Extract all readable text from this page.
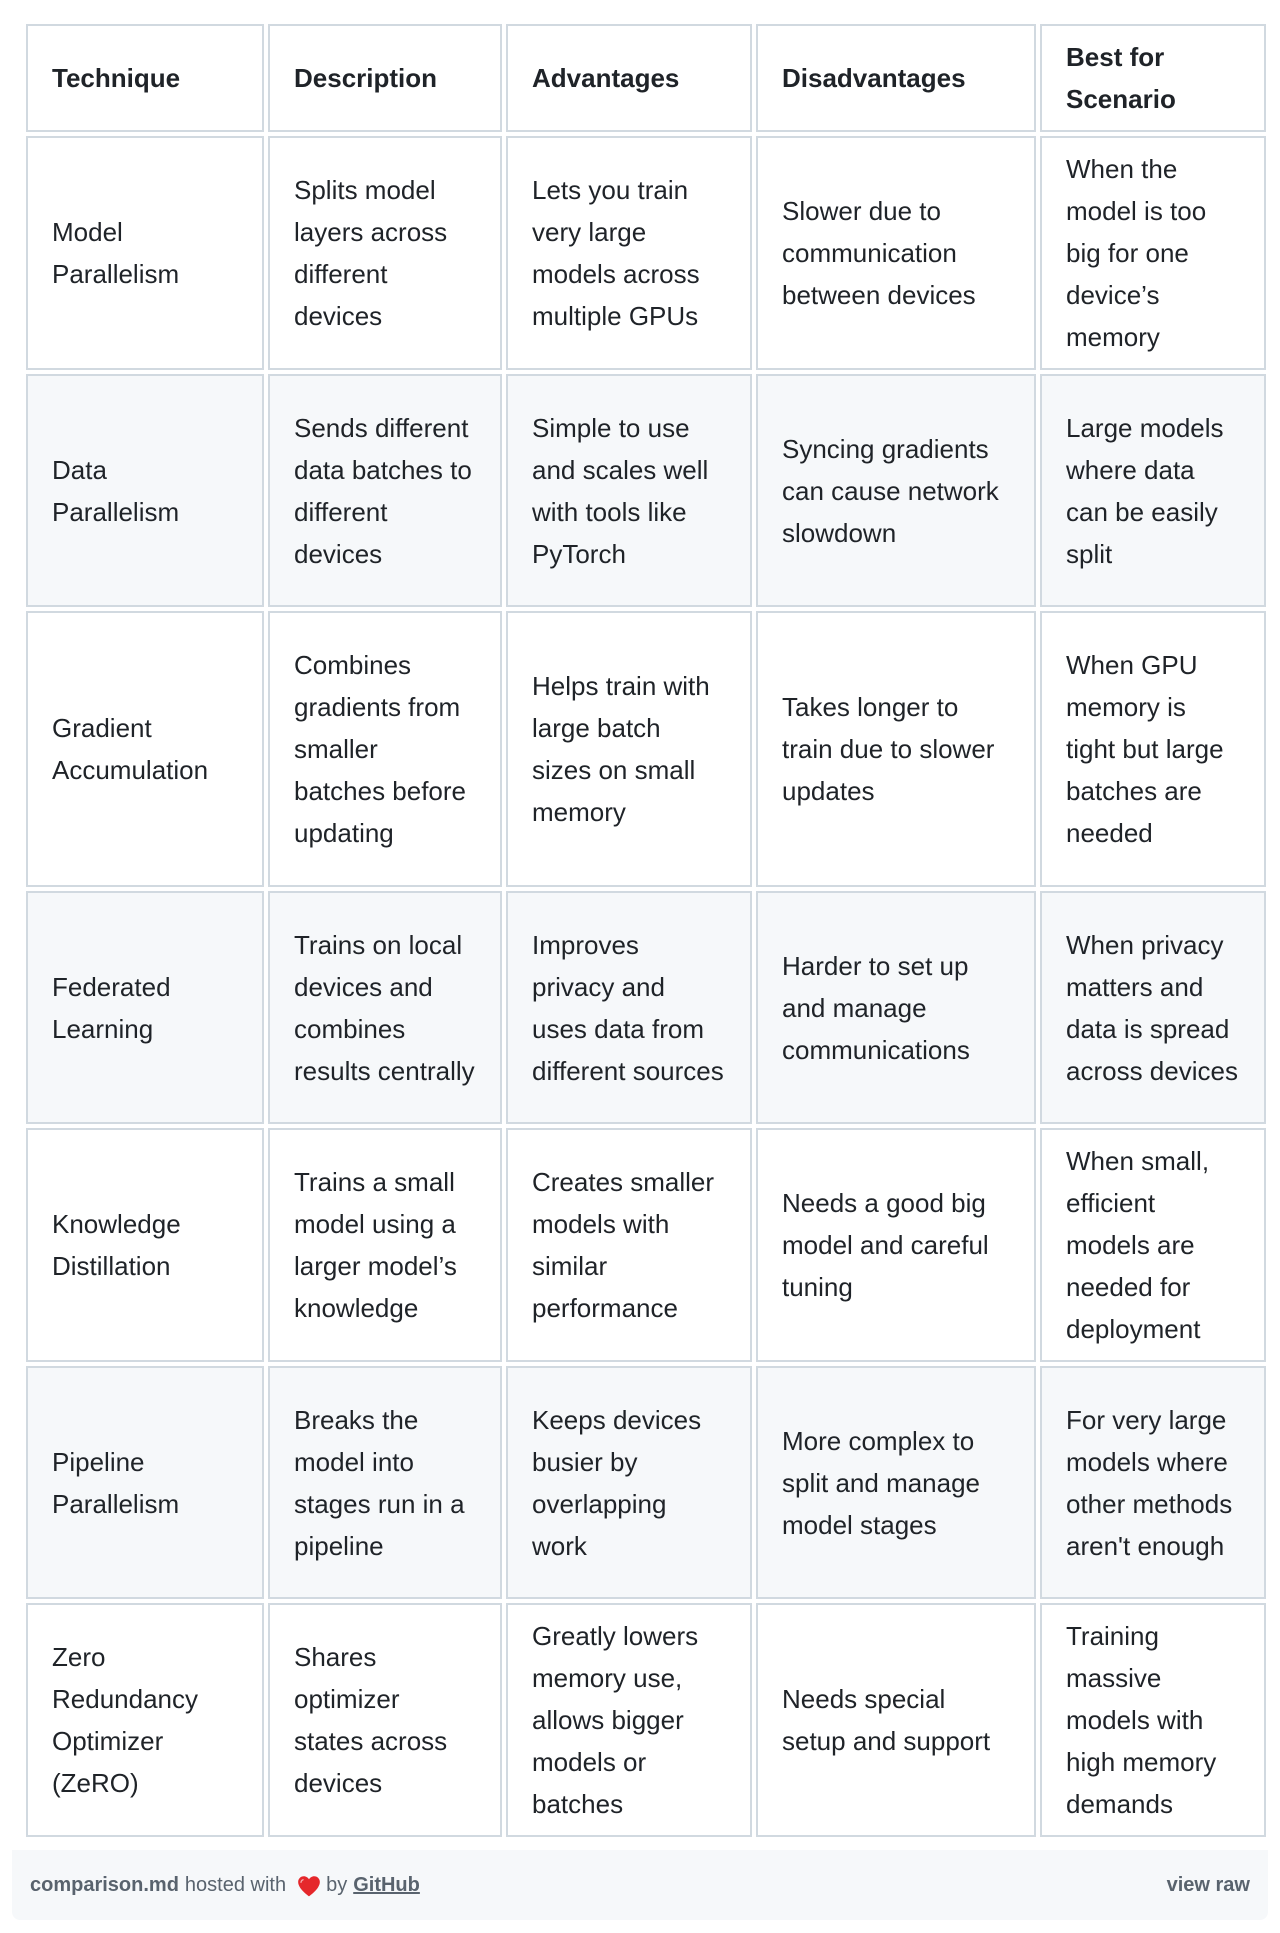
Technique	Description	Advantages	Disadvantages	Best for Scenario
Model Parallelism	Splits model layers across different devices	Lets you train very large models across multiple GPUs	Slower due to communication between devices	When the model is too big for one device’s memory
Data Parallelism	Sends different data batches to different devices	Simple to use and scales well with tools like PyTorch	Syncing gradients can cause network slowdown	Large models where data can be easily split
Gradient Accumulation	Combines gradients from smaller batches before updating	Helps train with large batch sizes on small memory	Takes longer to train due to slower updates	When GPU memory is tight but large batches are needed
Federated Learning	Trains on local devices and combines results centrally	Improves privacy and uses data from different sources	Harder to set up and manage communications	When privacy matters and data is spread across devices
Knowledge Distillation	Trains a small model using a larger model’s knowledge	Creates smaller models with similar performance	Needs a good big model and careful tuning	When small, efficient models are needed for deployment
Pipeline Parallelism	Breaks the model into stages run in a pipeline	Keeps devices busier by overlapping work	More complex to split and manage model stages	For very large models where other methods aren't enough
Zero Redundancy Optimizer (ZeRO)	Shares optimizer states across devices	Greatly lowers memory use, allows bigger models or batches	Needs special setup and support	Training massive models with high memory demands
comparison.md hosted with by GitHub	view raw
